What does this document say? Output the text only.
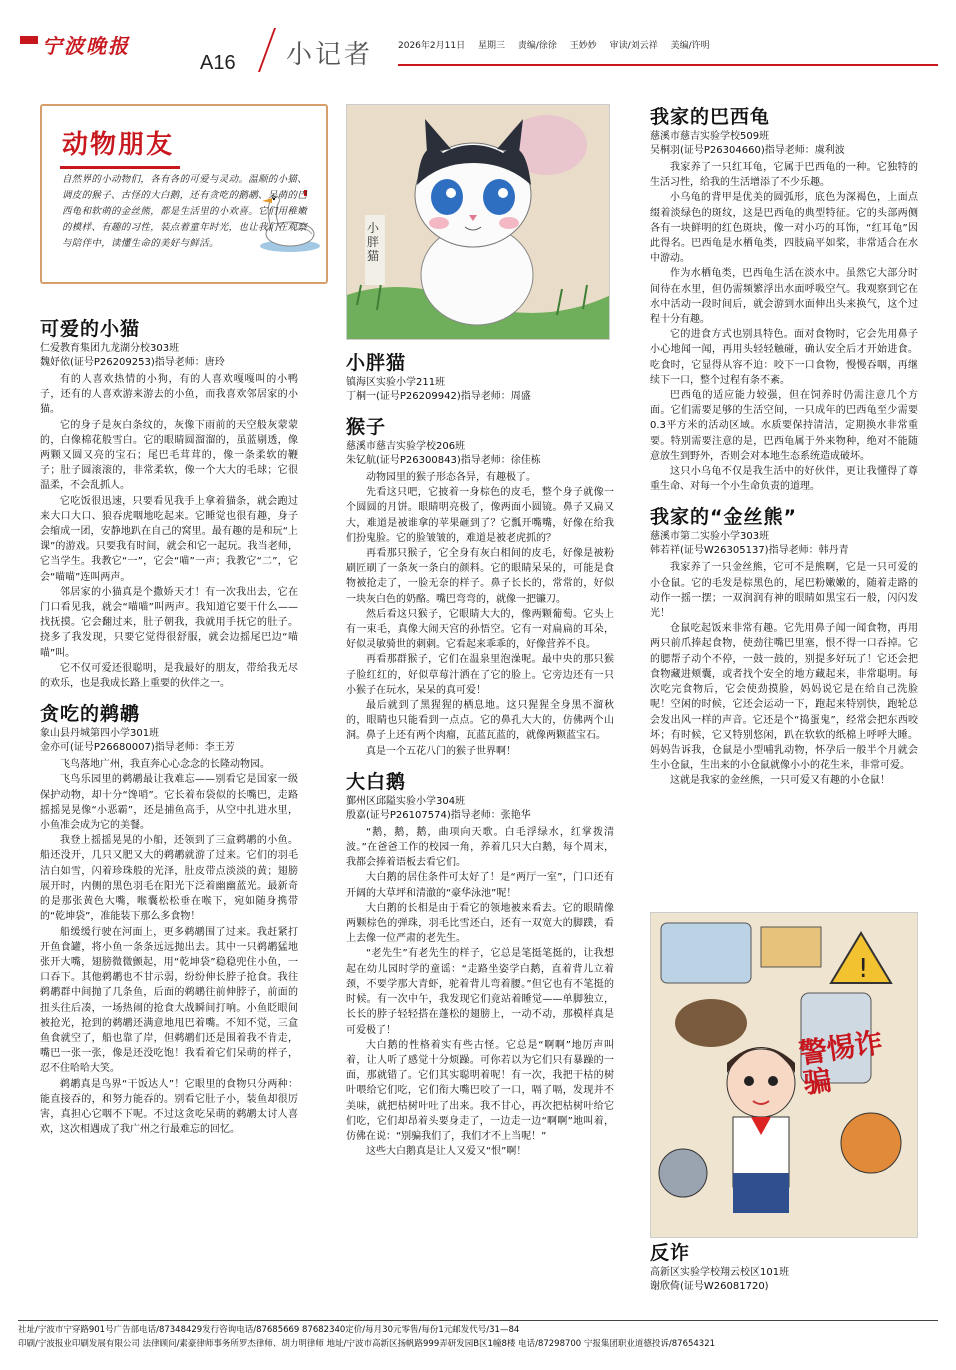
宁波晚报
A16 小记者	2026年2月11日 星期三 责编/徐徐 王妙妙 审读/刘云祥 美编/许明
动物朋友
自然界的小动物们，各有各的可爱与灵动。温顺的小猫、调皮的猴子、古怪的大白鹅，还有贪吃的鹅鹕、呆萌的巴西龟和软萌的金丝熊，都是生活里的小欢喜。它们用稚嫩的模样、有趣的习性，装点着童年时光，也让我们在观察与陪伴中，读懂生命的美好与鲜活。
可爱的小猫
仁爱教育集团九龙湖分校303班
魏妤依(证号P26209253)指导老师：唐玲

有的人喜欢热情的小狗，有的人喜欢嘎嘎叫的小鸭子，还有的人喜欢游来游去的小鱼，而我喜欢邻居家的小猫。

它的身子是灰白条纹的，灰像下雨前的天空般灰蒙蒙的，白像棉花般雪白。它的眼睛圆溜溜的，虽蓝剔透，像两颗又圆又亮的宝石；尾巴毛茸茸的，像一条柔软的鞭子；肚子圆滚滚的，非常柔软，像一个大大的毛球；它很温柔，不会乱抓人。

它吃饭很迅速，只要看见我手上拿着猫条，就会跑过来大口大口、狼吞虎咽地吃起来。它睡觉也很有趣，身子会缩成一团，安静地趴在自己的窝里。最有趣的是和玩“上课”的游戏。只要我有时间，就会和它一起玩。我当老师，它当学生。我教它“一”，它会“喵”一声；我教它“二”，它会“喵喵”连叫两声。

邻居家的小猫真是个撒娇天才！有一次我出去，它在门口看见我，就会“喵喵”叫两声。我知道它要干什么——找抚摸。它会翻过来，肚子朝我，我就用手抚它的肚子。挠多了我发现，只要它觉得很舒服，就会边摇尾巴边“喵喵”叫。

它不仅可爱还很聪明，是我最好的朋友，带给我无尽的欢乐，也是我成长路上重要的伙伴之一。

贪吃的鹈鹕
象山县丹城第四小学301班
金亦可(证号P26680007)指导老师：李王芳

飞鸟落地广州，我直奔心心念念的长隆动物园。

飞鸟乐园里的鹈鹕最让我难忘——别看它是国家一级保护动物，却十分“馋哨”。它长着布袋似的长嘴巴，走路摇摇晃晃像“小恶霸”，还是捕鱼高手，从空中扎进水里，小鱼准会成为它的美餐。

我登上摇摇晃晃的小船，还领到了三盒鹈鹕的小鱼。船还没开，几只又肥又大的鹈鹕就游了过来。它们的羽毛洁白如雪，闪着珍珠般的光泽，肚皮带点淡淡的黄；翅膀展开时，内侧的黑色羽毛在阳光下泛着幽幽蓝光。最新奇的是那张黄色大嘴，喉囊松松垂在喉下，宛如随身携带的“乾坤袋”，准能装下那么多食物！

船缓缓行驶在河面上，更多鹈鹕围了过来。我赶紧打开鱼食罐，将小鱼一条条远远抛出去。其中一只鹈鹕猛地张开大嘴，翅膀微微颤起，用“乾坤袋”稳稳兜住小鱼，一口吞下。其他鹈鹕也不甘示弱，纷纷伸长脖子抢食。我往鹈鹕群中间抛了几条鱼，后面的鹈鹕往前伸脖子，前面的扭头往后凑，一场热闹的抢食大战瞬间打响。小鱼眨眼间被抢光，抢到的鹈鹕还满意地甩巴着嘴。不知不觉，三盒鱼食就空了，船也靠了岸，但鹈鹕们还是围着我不肯走，嘴巴一张一张，像是还没吃饱！我看着它们呆萌的样子，忍不住哈哈大笑。

鹈鹕真是鸟界“干饭达人”！它眼里的食物只分两种：能直接吞的，和努力能吞的。别看它肚子小，装鱼却很厉害，真担心它咽不下呢。不过这贪吃呆萌的鹈鹕太讨人喜欢，这次相遇成了我广州之行最难忘的回忆。

小胖猫
小胖猫
镇海区实验小学211班
丁桐一(证号P26209942)指导老师：周盛
猴子
慈溪市慈吉实验学校206班
朱钇航(证号P26300843)指导老师：徐佳栋

动物园里的猴子形态各异，有趣极了。

先看这只吧，它披着一身棕色的皮毛，整个身子就像一个圆圆的月饼。眼睛明亮极了，像两面小圆镜。鼻子又扁又大，难道是被谁拿的苹果砸到了？它瓢开嘴嘴，好像在给我们扮鬼脸。它的脸皱皱的，难道是被老虎抓的？

再看那只猴子，它全身有灰白相间的皮毛，好像是被粉刷匠刷了一条灰一条白的颜料。它的眼睛呆呆的，可能是食物被抢走了，一脸无奈的样子。鼻子长长的，常常的，好似一块灰白色的奶酪。嘴巴弯弯的，就像一把镰刀。

然后看这只猴子，它眼睛大大的，像两颗葡萄。它头上有一束毛，真像大闹天宫的孙悟空。它有一对扁扁的耳朵，好似灵敏骑世的刺刺。它看起来乖乖的，好像营养不良。

再看那群猴子，它们在温泉里泡澡呢。最中央的那只猴子脸红红的，好似草莓汁洒在了它的脸上。它旁边还有一只小猴子在玩水，呆呆的真可爱！

最后就到了黑猩猩的栖息地。这只猩猩全身黑不溜秋的，眼睛也只能看到一点点。它的鼻孔大大的，仿佛两个山洞。鼻子上还有两个肉瘤，瓦蓝瓦蓝的，就像两颗蓝宝石。

真是一个五花八门的猴子世界啊！

大白鹅
鄞州区邱隘实验小学304班
殷嘉(证号P26107574)指导老师：张艳华

“鹅，鹅，鹅，曲项向天歌。白毛浮绿水，红掌拨清波。”在爸爸工作的校园一角，养着几只大白鹅，每个周末，我都会捧着语板去看它们。

大白鹅的居住条件可太好了！是“两厅一室”，门口还有开阔的大草坪和清澈的“豪华泳池”呢！

大白鹅的长相是由于看它的领地被来看去。它的眼睛像两颗棕色的弹珠，羽毛比雪还白，还有一双宽大的脚蹼，看上去像一位严肃的老先生。

“老先生”有老先生的样子，它总是笔挺笔挺的，让我想起在幼儿园时学的童谣：“走路坐姿学白鹅，直着背儿立着颈，不要学那大青虾，驼着背儿弯着腰。”但它也有不笔挺的时候。有一次中午，我发现它们竟站着睡觉——单脚独立，长长的脖子轻轻搭在蓬松的翅膀上，一动不动，那模样真是可爱极了！

大白鹅的性格着实有些古怪。它总是“啊啊”地厉声叫着，让人听了感觉十分烦躁。可你若以为它们只有暴躁的一面，那就错了。它们其实聪明着呢！有一次，我把干枯的树叶喂给它们吃，它们衔大嘴巴咬了一口，嗝了嗝，发现并不美味，就把枯树叶吐了出来。我不甘心，再次把枯树叶给它们吃，它们却昂着头要身走了，一边走一边“啊啊”地叫着，仿佛在说：“别骗我们了，我们才不上当呢！”

这些大白鹅真是让人又爱又“恨”啊！

我家的巴西龟
慈溪市慈吉实验学校509班
吴桐羽(证号P26304660)指导老师：虞利波

我家养了一只红耳龟，它属于巴西龟的一种。它独特的生活习性，给我的生活增添了不少乐趣。

小乌龟的背甲是优美的圆弧形，底色为深褐色，上面点缀着淡绿色的斑纹，这是巴西龟的典型特征。它的头部两侧各有一块鲜明的红色斑块，像一对小巧的耳饰，“红耳龟”因此得名。巴西龟是水栖龟类，四肢扁平如桨，非常适合在水中游动。

作为水栖龟类，巴西龟生活在淡水中。虽然它大部分时间待在水里，但仍需频繁浮出水面呼吸空气。我观察到它在水中活动一段时间后，就会游到水面伸出头来换气，这个过程十分有趣。

它的进食方式也别具特色。面对食物时，它会先用鼻子小心地闻一闻，再用头轻轻触碰，确认安全后才开始进食。吃食时，它显得从容不迫：咬下一口食物，慢慢吞咽，再继续下一口，整个过程有条不紊。

巴西龟的适应能力较强，但在饲养时仍需注意几个方面。它们需要足够的生活空间，一只成年的巴西龟至少需要0.3平方米的活动区域。水质要保持清洁，定期换水非常重要。特别需要注意的是，巴西龟属于外来物种，绝对不能随意放生到野外，否则会对本地生态系统造成破坏。

这只小乌龟不仅是我生活中的好伙伴，更让我懂得了尊重生命、对每一个小生命负责的道理。

我家的“金丝熊”
慈溪市第二实验小学303班
韩若祥(证号W26305137)指导老师：韩丹青

我家养了一只金丝熊，它可不是熊啊，它是一只可爱的小仓鼠。它的毛发是棕黑色的，尾巴粉嫩嫩的，随着走路的动作一摇一摆；一双润润有神的眼睛如黑宝石一般，闪闪发光！

仓鼠吃起饭来非常有趣。它先用鼻子闻一闻食物，再用两只前爪捧起食物，使劲往嘴巴里塞，恨不得一口吞掉。它的腮帮子动个不停，一鼓一鼓的，别提多好玩了！它还会把食物藏进颊囊，或者找个安全的地方藏起来，非常聪明。每次吃完食物后，它会使劲摸脸，妈妈说它是在给自己洗脸呢！空闲的时候，它还会运动一下，跑起来特别快，跑轮总会发出风一样的声音。它还是个“捣蛋鬼”，经常会把东西咬坏；有时候，它又特别悠闲，趴在软软的纸棉上呼呼大睡。妈妈告诉我，仓鼠是小型哺乳动物，怀孕后一般半个月就会生小仓鼠，生出来的小仓鼠就像小小的花生米，非常可爱。

这就是我家的金丝熊，一只可爱又有趣的小仓鼠！

!
警惕诈骗
反诈
高新区实验学校翔云校区101班
谢欣倚(证号W26081720)
社址/宁波市宁穿路901号广告部电话/87348429发行咨询电话/87685669 87682340定价/每月30元零售/每份1元邮发代号/31—84
印刷/宁波报业印刷发展有限公司 法律顾问/素豪律师事务所罗杰律师、胡力明律师 地址/宁波市高新区扬帆路999弄研发园B区1幢8楼 电话/87298700 宁报集团职业道德投诉/87654321
